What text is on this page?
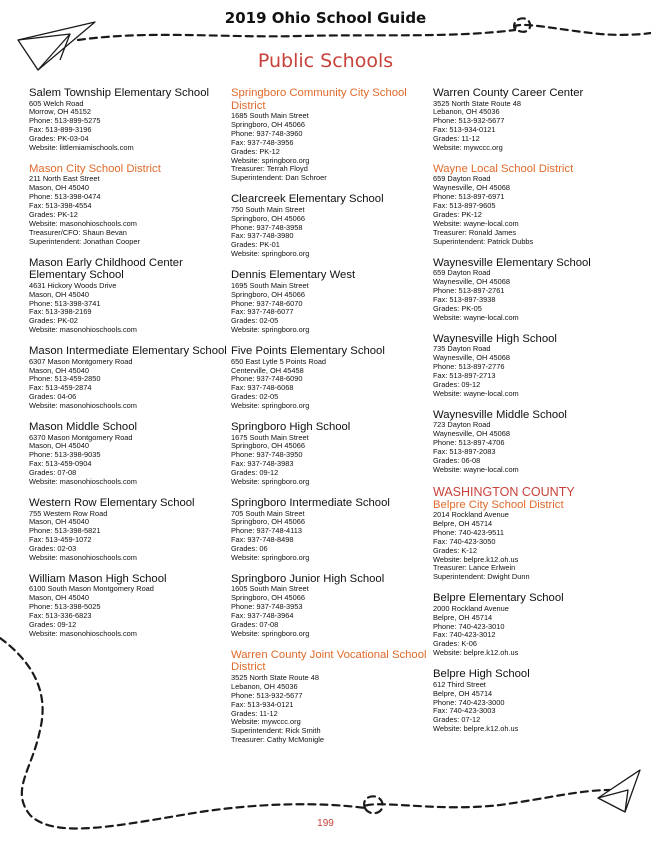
2019 Ohio School Guide
Public Schools
Salem Township Elementary School
605 Welch Road
Morrow, OH 45152
Phone: 513-899-5275
Fax: 513-899-3196
Grades: PK-03-04
Website: littlemiamischools.com
Mason City School District
211 North East Street
Mason, OH 45040
Phone: 513-398-0474
Fax: 513-398-4554
Grades: PK-12
Website: masonohioschools.com
Treasurer/CFO: Shaun Bevan
Superintendent: Jonathan Cooper
Mason Early Childhood Center Elementary School
4631 Hickory Woods Drive
Mason, OH 45040
Phone: 513-398-3741
Fax: 513-398-2169
Grades: PK-02
Website: masonohioschools.com
Mason Intermediate Elementary School
6307 Mason Montgomery Road
Mason, OH 45040
Phone: 513-459-2850
Fax: 513-459-2874
Grades: 04-06
Website: masonohioschools.com
Mason Middle School
6370 Mason Montgomery Road
Mason, OH 45040
Phone: 513-398-9035
Fax: 513-459-0904
Grades: 07-08
Website: masonohioschools.com
Western Row Elementary School
755 Western Row Road
Mason, OH 45040
Phone: 513-398-5821
Fax: 513-459-1072
Grades: 02-03
Website: masonohioschools.com
William Mason High School
6100 South Mason Montgomery Road
Mason, OH 45040
Phone: 513-398-5025
Fax: 513-336-6823
Grades: 09-12
Website: masonohioschools.com
Springboro Community City School District
1685 South Main Street
Springboro, OH 45066
Phone: 937-748-3960
Fax: 937-748-3956
Grades: PK-12
Website: springboro.org
Treasurer: Terrah Floyd
Superintendent: Dan Schroer
Clearcreek Elementary School
750 South Main Street
Springboro, OH 45066
Phone: 937-748-3958
Fax: 937-748-3980
Grades: PK-01
Website: springboro.org
Dennis Elementary West
1695 South Main Street
Springboro, OH 45066
Phone: 937-748-6070
Fax: 937-748-6077
Grades: 02-05
Website: springboro.org
Five Points Elementary School
650 East Lytle 5 Points Road
Centerville, OH 45458
Phone: 937-748-6090
Fax: 937-748-6068
Grades: 02-05
Website: springboro.org
Springboro High School
1675 South Main Street
Springboro, OH 45066
Phone: 937-748-3950
Fax: 937-748-3983
Grades: 09-12
Website: springboro.org
Springboro Intermediate School
705 South Main Street
Springboro, OH 45066
Phone: 937-748-4113
Fax: 937-748-8498
Grades: 06
Website: springboro.org
Springboro Junior High School
1605 South Main Street
Springboro, OH 45066
Phone: 937-748-3953
Fax: 937-748-3964
Grades: 07-08
Website: springboro.org
Warren County Joint Vocational School District
3525 North State Route 48
Lebanon, OH 45036
Phone: 513-932-5677
Fax: 513-934-0121
Grades: 11-12
Website: mywccc.org
Superintendent: Rick Smith
Treasurer: Cathy McMonigle
Warren County Career Center
3525 North State Route 48
Lebanon, OH 45036
Phone: 513-932-5677
Fax: 513-934-0121
Grades: 11-12
Website: mywccc.org
Wayne Local School District
659 Dayton Road
Waynesville, OH 45068
Phone: 513-897-6971
Fax: 513-897-9605
Grades: PK-12
Website: wayne-local.com
Treasurer: Ronald James
Superintendent: Patrick Dubbs
Waynesville Elementary School
659 Dayton Road
Waynesville, OH 45068
Phone: 513-897-2761
Fax: 513-897-3938
Grades: PK-05
Website: wayne-local.com
Waynesville High School
735 Dayton Road
Waynesville, OH 45068
Phone: 513-897-2776
Fax: 513-897-2713
Grades: 09-12
Website: wayne-local.com
Waynesville Middle School
723 Dayton Road
Waynesville, OH 45068
Phone: 513-897-4706
Fax: 513-897-2083
Grades: 06-08
Website: wayne-local.com
WASHINGTON COUNTY
Belpre City School District
2014 Rockland Avenue
Belpre, OH 45714
Phone: 740-423-9511
Fax: 740-423-3050
Grades: K-12
Website: belpre.k12.oh.us
Treasurer: Lance Erlwein
Superintendent: Dwight Dunn
Belpre Elementary School
2000 Rockland Avenue
Belpre, OH 45714
Phone: 740-423-3010
Fax: 740-423-3012
Grades: K-06
Website: belpre.k12.oh.us
Belpre High School
612 Third Street
Belpre, OH 45714
Phone: 740-423-3000
Fax: 740-423-3003
Grades: 07-12
Website: belpre.k12.oh.us
199
